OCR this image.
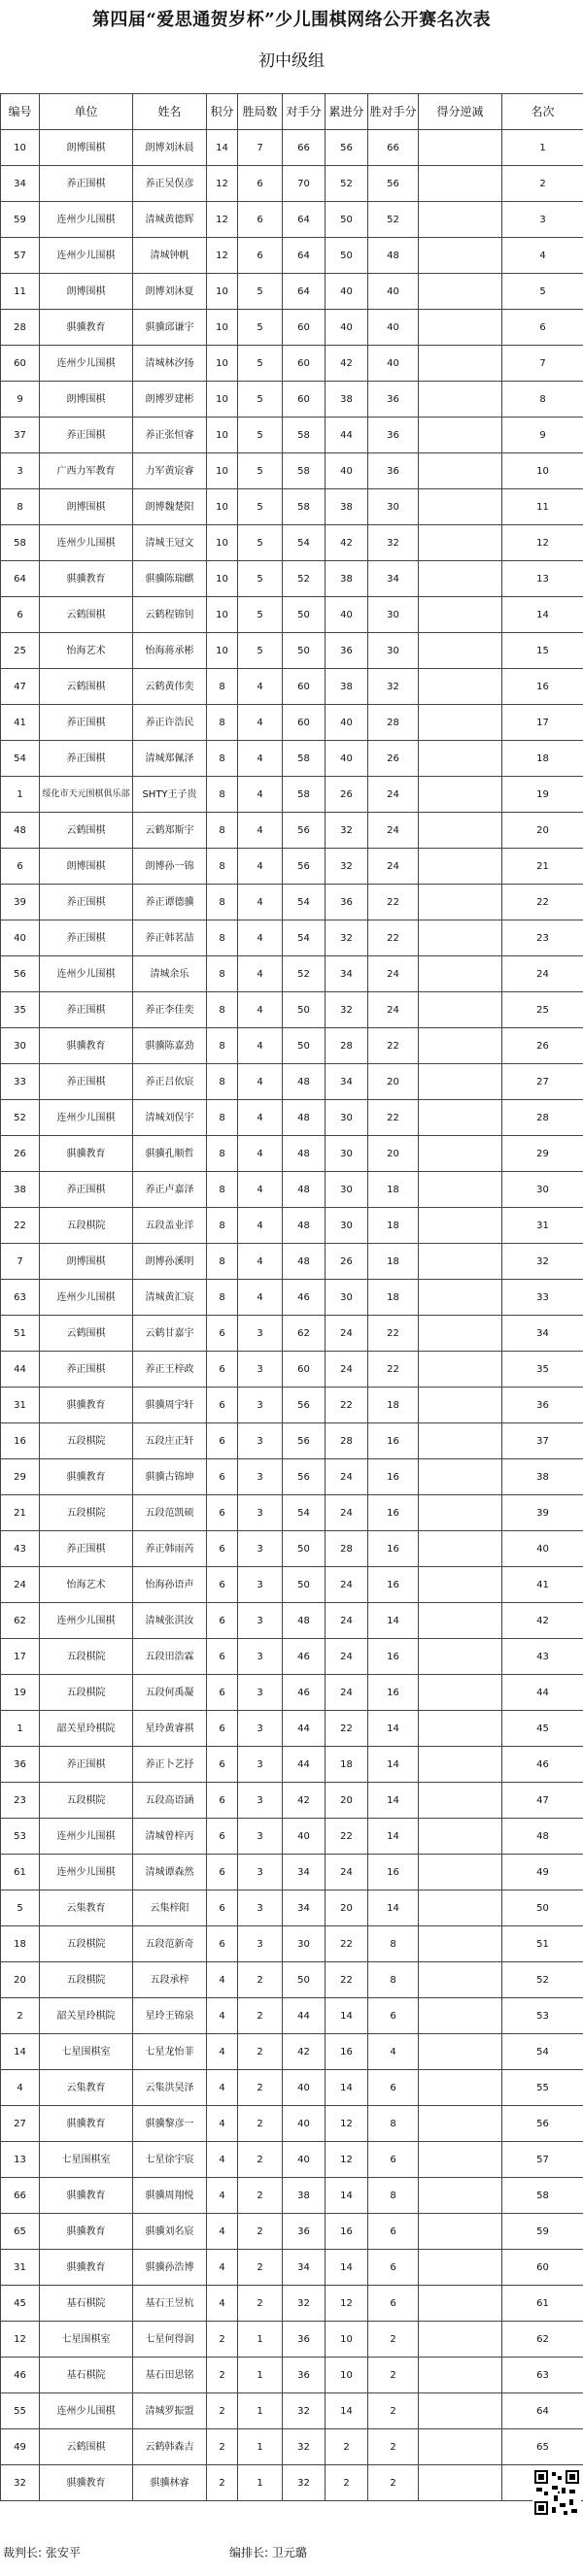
第四届“爱思通贺岁杯”少儿围棋网络公开赛名次表
初中级组
编号	单位	姓名	积分	胜局数	对手分	累进分	胜对手分	得分逆减	名次
10	朗博围棋	朗博刘沐晨	14	7	66	56	66		1
34	养正围棋	养正吴俣彦	12	6	70	52	56		2
59	连州少儿围棋	清城黄德辉	12	6	64	50	52		3
57	连州少儿围棋	清城钟帆	12	6	64	50	48		4
11	朗博围棋	朗博刘沐夏	10	5	64	40	40		5
28	骐骥教育	骐骥邱谦宇	10	5	60	40	40		6
60	连州少儿围棋	清城林汐扬	10	5	60	42	40		7
9	朗博围棋	朗博罗建彬	10	5	60	38	36		8
37	养正围棋	养正张恒睿	10	5	58	44	36		9
3	广西力军教育	力军黄宸睿	10	5	58	40	36		10
8	朗博围棋	朗博魏楚阳	10	5	58	38	30		11
58	连州少儿围棋	清城王冠文	10	5	54	42	32		12
64	骐骥教育	骐骥陈瑞麒	10	5	52	38	34		13
6	云鹤围棋	云鹤程锦钊	10	5	50	40	30		14
25	怡海艺术	怡海蒋承彬	10	5	50	36	30		15
47	云鹤围棋	云鹤黄伟奕	8	4	60	38	32		16
41	养正围棋	养正许浩民	8	4	60	40	28		17
54	养正围棋	清城郑佩泽	8	4	58	40	26		18
1	绥化市天元围棋俱乐部	SHTY王子贵	8	4	58	26	24		19
48	云鹤围棋	云鹤郑斯宇	8	4	56	32	24		20
6	朗博围棋	朗博孙一锦	8	4	56	32	24		21
39	养正围棋	养正谭德骥	8	4	54	36	22		22
40	养正围棋	养正韩茗喆	8	4	54	32	22		23
56	连州少儿围棋	清城余乐	8	4	52	34	24		24
35	养正围棋	养正李佳奕	8	4	50	32	24		25
30	骐骥教育	骐骥陈嘉劲	8	4	50	28	22		26
33	养正围棋	养正吕依宸	8	4	48	34	20		27
52	连州少儿围棋	清城刘俣宇	8	4	48	30	22		28
26	骐骥教育	骐骥孔顺哲	8	4	48	30	20		29
38	养正围棋	养正卢嘉泽	8	4	48	30	18		30
22	五段棋院	五段盖业洋	8	4	48	30	18		31
7	朗博围棋	朗博孙溪明	8	4	48	26	18		32
63	连州少儿围棋	清城黄汇宸	8	4	46	30	18		33
51	云鹤围棋	云鹤甘嘉宇	6	3	62	24	22		34
44	养正围棋	养正王梓政	6	3	60	24	22		35
31	骐骥教育	骐骥周宇轩	6	3	56	22	18		36
16	五段棋院	五段庄正轩	6	3	56	28	16		37
29	骐骥教育	骐骥古锦坤	6	3	56	24	16		38
21	五段棋院	五段范凯硕	6	3	54	24	16		39
43	养正围棋	养正韩雨芮	6	3	50	28	16		40
24	怡海艺术	怡海孙语声	6	3	50	24	16		41
62	连州少儿围棋	清城张淇汝	6	3	48	24	14		42
17	五段棋院	五段田浩霖	6	3	46	24	16		43
19	五段棋院	五段何禹凝	6	3	46	24	16		44
1	韶关星玲棋院	星玲黄睿祺	6	3	44	22	14		45
36	养正围棋	养正卜艺抒	6	3	44	18	14		46
23	五段棋院	五段高语涵	6	3	42	20	14		47
53	连州少儿围棋	清城曾梓丙	6	3	40	22	14		48
61	连州少儿围棋	清城谭森然	6	3	34	24	16		49
5	云集教育	云集梓阳	6	3	34	20	14		50
18	五段棋院	五段范新奇	6	3	30	22	8		51
20	五段棋院	五段承梓	4	2	50	22	8		52
2	韶关星玲棋院	星玲王锦泉	4	2	44	14	6		53
14	七星围棋室	七星龙怡菲	4	2	42	16	4		54
4	云集教育	云集洪昊泽	4	2	40	14	6		55
27	骐骥教育	骐骥黎彦一	4	2	40	12	8		56
13	七星围棋室	七星徐宇宸	4	2	40	12	6		57
66	骐骥教育	骐骥周翔悦	4	2	38	14	8		58
65	骐骥教育	骐骥刘名宸	4	2	36	16	6		59
31	骐骥教育	骐骥孙浩博	4	2	34	14	6		60
45	基石棋院	基石王昱杭	4	2	32	12	6		61
12	七星围棋室	七星何得润	2	1	36	10	2		62
46	基石棋院	基石田思铭	2	1	36	10	2		63
55	连州少儿围棋	清城罗振盟	2	1	32	14	2		64
49	云鹤围棋	云鹤韩森吉	2	1	32	2	2		65
32	骐骥教育	骐骥林睿	2	1	32	2	2		
裁判长: 张安平	编排长: 卫元璐
